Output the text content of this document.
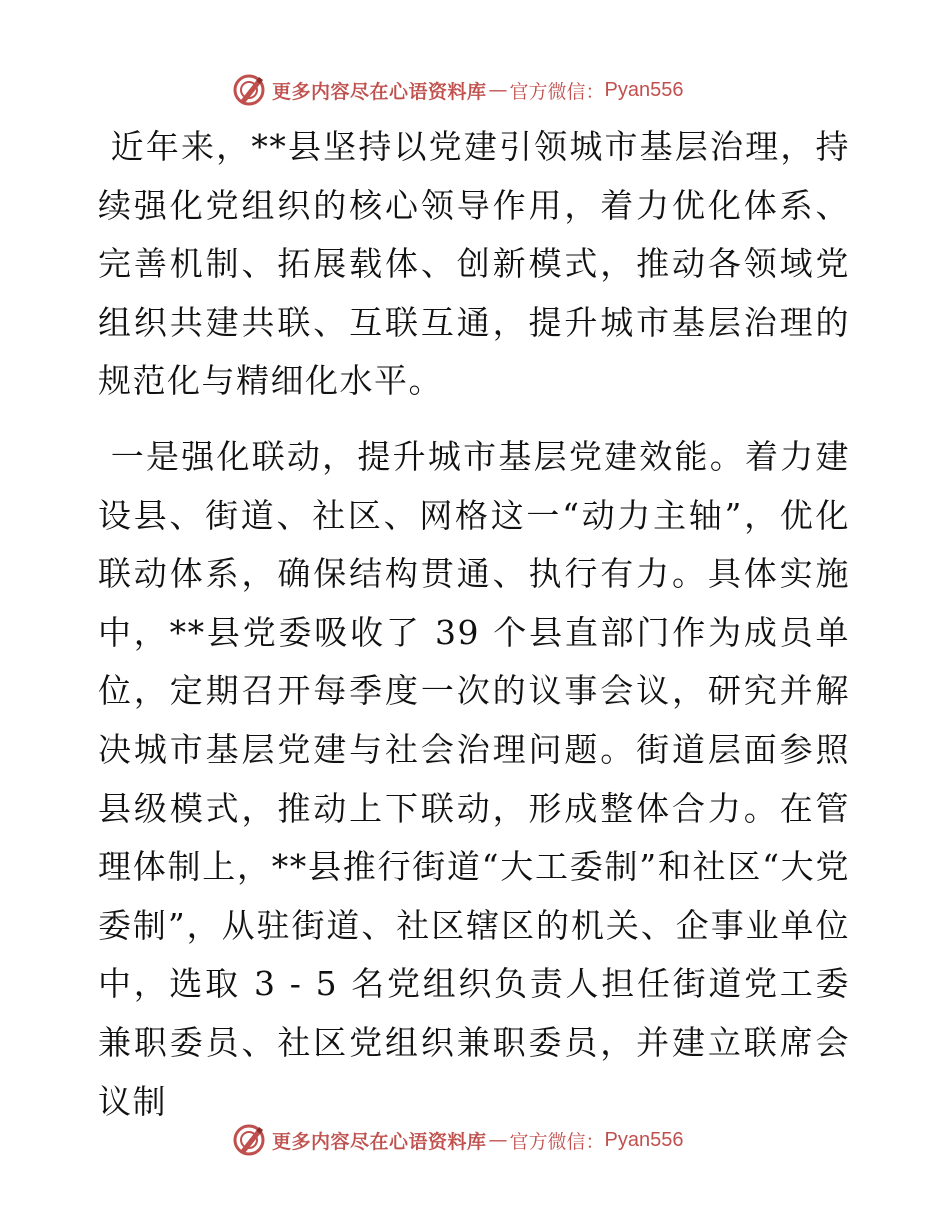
更多内容尽在心语资料库 — 官方微信： Pyan556

近年来，**县坚持以党建引领城市基层治理，持续强化党组织的核心领导作用，着力优化体系、完善机制、拓展载体、创新模式，推动各领域党组织共建共联、互联互通，提升城市基层治理的规范化与精细化水平。

一是强化联动，提升城市基层党建效能。着力建设县、街道、社区、网格这一“动力主轴”，优化联动体系，确保结构贯通、执行有力。具体实施中，**县党委吸收了 39 个县直部门作为成员单位，定期召开每季度一次的议事会议，研究并解决城市基层党建与社会治理问题。街道层面参照县级模式，推动上下联动，形成整体合力。在管理体制上，**县推行街道“大工委制”和社区“大党委制”，从驻街道、社区辖区的机关、企事业单位中，选取 3 - 5 名党组织负责人担任街道党工委兼职委员、社区党组织兼职委员，并建立联席会议制

更多内容尽在心语资料库 — 官方微信： Pyan556
